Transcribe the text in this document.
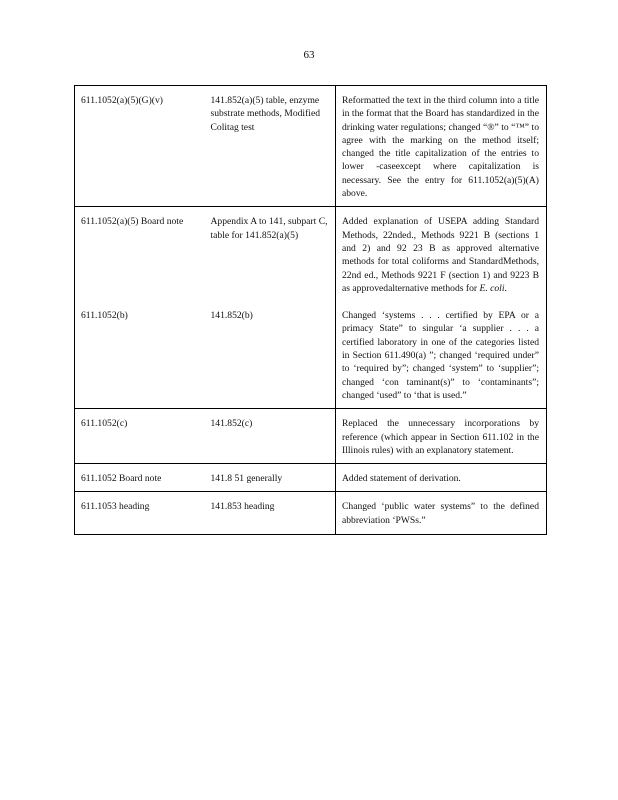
63
611.1052(a)(5)(G)(v)	141.852(a)(5) table, enzyme substrate methods, Modified Colitag test	Reformatted the text in the third column into a title in the format that the Board has standardized in the drinking water regulations; changed “®” to “™” to agree with the marking on the method itself; changed the title capitalization of the entries to lower -caseexcept where capitalization is necessary. See the entry for 611.1052(a)(5)(A) above.
611.1052(a)(5) Board note	Appendix A to 141, subpart C, table for 141.852(a)(5)	Added explanation of USEPA adding Standard Methods, 22nded., Methods 9221 B (sections 1 and 2) and 92 23 B as approved alternative methods for total coliforms and StandardMethods, 22nd ed., Methods 9221 F (section 1) and 9223 B as approvedalternative methods for E. coli.
611.1052(b)	141.852(b)	Changed ‘systems . . . certified by EPA or a primacy State” to singular ‘a supplier . . . a certified laboratory in one of the categories listed in Section 611.490(a) ”; changed ‘required under” to ‘required by”; changed ‘system” to ‘supplier”; changed ‘con taminant(s)” to ‘contaminants”; changed ‘used” to ‘that is used.”
611.1052(c)	141.852(c)	Replaced the unnecessary incorporations by reference (which appear in Section 611.102 in the Illinois rules) with an explanatory statement.
611.1052 Board note	141.8 51 generally	Added statement of derivation.
611.1053 heading	141.853 heading	Changed ‘public water systems” to the defined abbreviation ‘PWSs.”
